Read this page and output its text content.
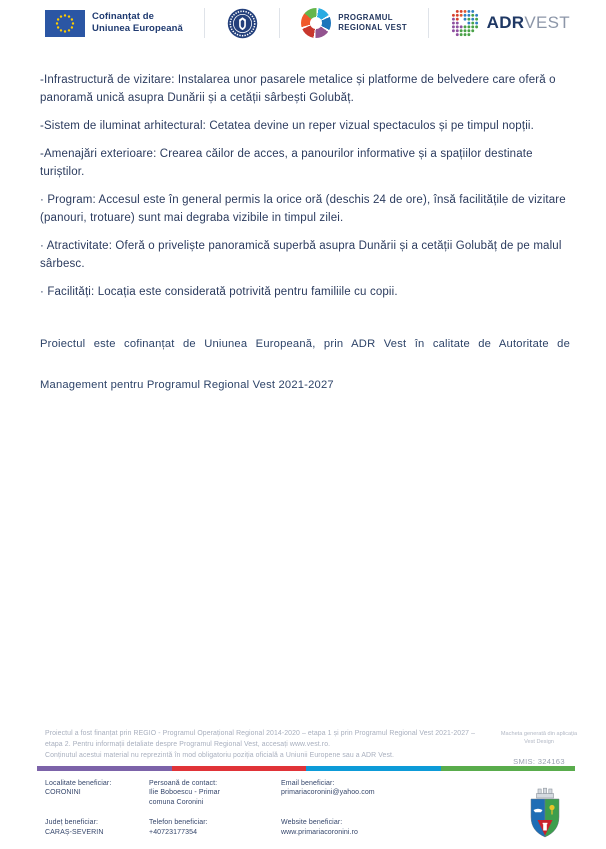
Cofinanțat de
Uniunea Europeană
PROGRAMUL
REGIONAL VEST	ADRVEST

-Infrastructură de vizitare: Instalarea unor pasarele metalice și platforme de belvedere care oferă o panoramă unică asupra Dunării și a cetății sârbești Golubăț.

-Sistem de iluminat arhitectural: Cetatea devine un reper vizual spectaculos și pe timpul nopții.

-Amenajări exterioare: Crearea căilor de acces, a panourilor informative și a spațiilor destinate turiștilor.

· Program: Accesul este în general permis la orice oră (deschis 24 de ore), însă facilitățile de vizitare (panouri, trotuare) sunt mai degraba vizibile in timpul zilei.

· Atractivitate: Oferă o priveliște panoramică superbă asupra Dunării și a cetății Golubăț de pe malul sârbesc.

· Facilități: Locația este considerată potrivită pentru familiile cu copii.

Proiectul este cofinanțat de Uniunea Europeană, prin ADR Vest în calitate de Autoritate de
Management pentru Programul Regional Vest 2021-2027
Proiectul a fost finanțat prin REGIO - Programul Operațional Regional 2014-2020 – etapa 1 și prin Programul Regional Vest 2021-2027 – etapa 2. Pentru informații detaliate despre Programul Regional Vest, accesați www.vest.ro.
Conținutul acestui material nu reprezintă în mod obligatoriu poziția oficială a Uniunii Europene sau a ADR Vest.
Macheta generată din aplicația Vest Design
SMIS: 324163
Localitate beneficiar:
CORONINI
Persoană de contact:
Ilie Boboescu - Primar comuna Coronini
Email beneficiar:
primariacoronini@yahoo.com
Județ beneficiar:
CARAȘ-SEVERIN
Telefon beneficiar:
+40723177354
Website beneficiar:
www.primariacoronini.ro
